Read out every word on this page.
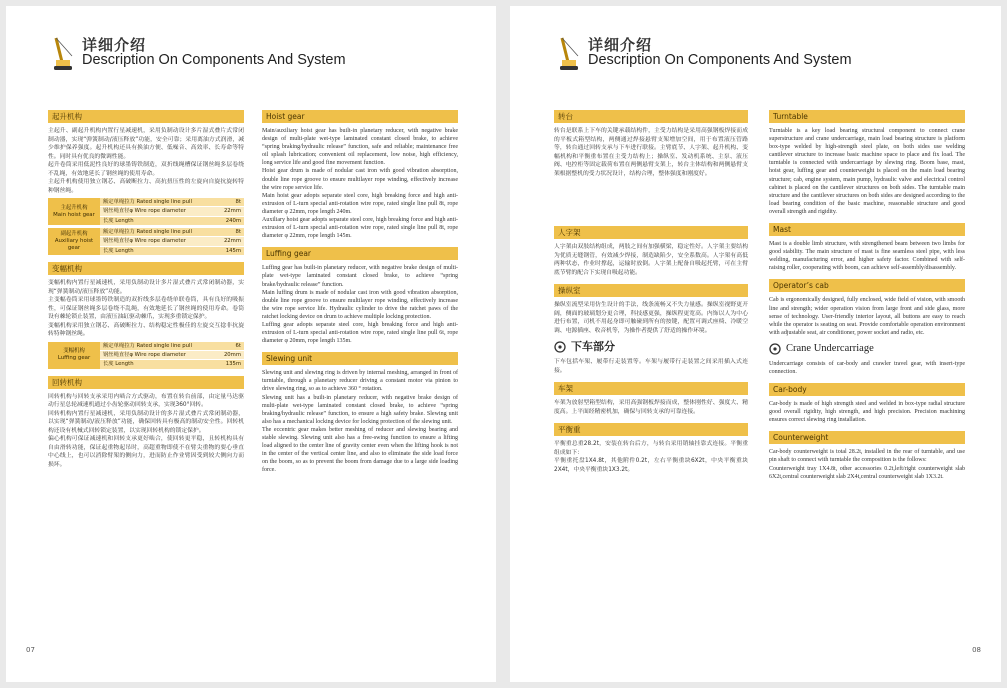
详细介绍
Description On Components And System
起升机构
主起升、副起升机构内置行星减速机，采用负制动设计多片湿式叠片式常闭制动器，实现“弹簧制动/液压释放”功能，安全可靠；采用离油方式润滑，减少维护保养强度。起升机构还具有换油方便、低噪音、高效率、长寿命等特性。同时具有优良的微调性能。
起升卷筒采用低泥性良好的球墨铸铁制造，双折线绳槽保证钢丝绳多层卷绕不乱绳，有效地延长了钢丝绳的使用寿命。
主起升机构使用独立钢芯、高破断拉力、高抗扭压性的左旋向自旋抗旋转特种钢丝绳。
主起升机构
Main hoist gear
额定单绳拉力 Rated single line pull	8t
钢丝绳直径φ Wire rope diameter	22mm
长度 Length	240m
副起升机构
Auxiliary hoist gear
额定单绳拉力 Rated single line pull	8t
钢丝绳直径φ Wire rope diameter	22mm
长度 Length	145m
变幅机构
变幅机构内置行星减速机，采用负制动设计多片湿式叠片式常闭制动器，实现“弹簧制动/液压释放”功能。
主变幅卷筒采用球墨铸铁制造的双折线多层卷绕单联卷筒，具有良好的吸振性，可保证钢丝绳多层卷绕不乱绳，有效地延长了钢丝绳的使用寿命。卷筒设有棘轮锁止装置，由液压油缸驱动棘爪，实现多重锁定保护。
变幅机构采用独立钢芯、高破断拉力、结构稳定性极佳的左旋交互捻非抗旋转特种钢丝绳。
变幅机构
Luffing gear
额定单绳拉力 Rated single line pull	6t
钢丝绳直径φ Wire rope diameter	20mm
长度 Length	135m
回转机构
回转机构与回转支承采用内啮合方式驱动，布置在转台前部，由定量马达驱动行星总轮减速机通过小齿轮驱动回转支承，实现360°回转。
回转机构内置行星减速机，采用负制动设计的多片湿式叠片式常闭制动器，以实现“弹簧制动/液压释放”功能，确保回转具有极高的制动安全性。回转机构还设有机械式回转锁定装置，以实现回转机构的锁定保护。
偏心机构可保证减速机和回转支承更好啮合，使回转更平稳，且转机构具有自由滑转功能，保证起重物起吊时，高超重物即使不在臂尖重物的要心垂直中心线上，也可以消除臂架的侧向力，进而防止作业臂因受到较大侧向力而损坏。
Hoist gear
Main/auxiliary hoist gear has built-in planetary reducer, with negative brake design of multi-plate wet-type laminated constant closed brake, to achieve “spring braking/hydraulic release” function, safe and reliable; maintenance free oil splash lubrication; convenient oil replacement, low noise, high efficiency, long service life and good fine movement function.
Hoist gear drum is made of nodular cast iron with good vibration absorption, double line rope groove to ensure multilayer rope winding, effectively increase the wire rope service life.
Main hoist gear adopts separate steel core, high breaking force and high anti-extrusion of L-turn special anti-rotation wire rope, rated single line pull 8t, rope diameter φ 22mm, rope length 240m.
Auxiliary hoist gear adopts separate steel core, high breaking force and high anti-extrusion of L-turn special anti-rotation wire rope, rated single line pull 8t, rope diameter φ 22mm, rope length 145m.
Luffing gear
Luffing gear has built-in planetary reducer, with negative brake design of multi-plate wet-type laminated constant closed brake, to achieve “spring brake/hydraulic release” function.
Main luffing drum is made of nodular cast iron with good vibration absorption, double line rope groove to ensure multilayer rope winding, effectively increase the wire rope service life. Hydraulic cylinder to drive the ratchet paws of the ratchet locking device on drum to achieve multiple locking protection.
Luffing gear adopts separate steel core, high breaking force and high anti-extrusion of L-turn special anti-rotation wire rope, rated single line pull 6t, rope diameter φ 20mm, rope length 135m.
Slewing unit
Slewing unit and slewing ring is driven by internal meshing, arranged in front of turntable, through a planetary reducer driving a constant motor via pinion to drive slewing ring, so as to achieve 360 ° rotation.
Slewing unit has a built-in planetary reducer, with negative brake design of multi-plate wet-type laminated constant closed brake, to achieve “spring braking/hydraulic release” function, to ensure a high safety brake. Slewing unit also has a mechanical locking device for locking protection of the slewing unit.
The eccentric gear makes better meshing of reducer and slewing bearing and stable slewing. Slewing unit also has a free-swing function to ensure a lifting load aligned to the center line of gravity center even when the lifting hook is not in the center of the vertical center line, and also to eliminate the side load force on the boom, so as to prevent the boom from damage due to a large side loading force.
07
详细介绍
Description On Components And System
转台
转台是联系上下车的关键承载结构件，主受力结构是采用高强钢板焊接而成的平板式箱型结构，两侧通过焊接悬臂支架增加空间，用于布置液压管路等，转台通过回转支承与下车进行联接。主臂底节、人字架、起升机构、变幅机构和平衡重布置在主受力结构上；操纵室、发动机系统、主泵、液压阀、电控柜等固定载荷布置在两侧悬臂支架上，转台主体结构和两侧悬臂支架根据整机的受力状况设计，结构合理，整体强度和刚度好。
人字架
人字架由双肢结构组成，两肢之间有加强横梁，稳定性好。人字架主要结构为优质无缝钢管，有效减少焊接，制造缺陷少，安全系数高。人字架有高低两种状态，作业时撑起，运输时放倒。人字架上配备自吸起托臂，可在主臂底节臂的配合下实现自吸起功能。
操纵室
操纵室流型采用仿生设计的手法，线条流畅又不失力量感。操纵室视野更开阔，侧面的玻璃划分更合理，科技感更强，操纵程更宽高。内饰以人为中心进行布置，司机不用起身即可触碰到所有的按键，配置可调式座椅、冷暖空调、电源插座、收音机等，为操作者提供了舒适的操作环境。
下车部分
下车包括车架、履带行走装置等。车架与履带行走装置之间采用插入式连接。
车架
车架为放射型箱型结构，采用高强钢板焊接而成，整体刚性好、强度大、精度高。上平面经精密机加，确保与回转支承的可靠连接。
平衡重
平衡重总重28.2t，安装在转台后方，与转台采用销轴挂靠式连接。平衡重组成如下：
平衡重托盘1X4.8t，其他附件0.2t，左右平衡重块6X2t，中央平衡重块2X4t，中央平衡重块1X3.2t。
Turntable
Turntable is a key load bearing structural component to connect crane superstructure and crane undercarriage, main load bearing structure is platform box-type welded by high-strength steel plate, on both sides use welding cantilever structure to increase basic machine space to place and fix load. The turntable is connected with undercarriage by slewing ring. Boom base, mast, hoist gear, luffing gear and counterweight is placed on the main load bearing structure; cab, engine system, main pump, hydraulic valve and electrical control cabinet is placed on the cantilever structures on both sides. The turntable main structure and the cantilever structures on both sides are designed according to the load bearing condition of the basic machine, reasonable structure and good overall strength and rigidity.
Mast
Mast is a double limb structure, with strengthened beam between two limbs for good stability. The main structure of mast is fine seamless steel pipe, with less welding, manufacturing error, and higher safety factor. Combined with self-raising roller, cooperating with boom, can achieve self-assembly/disassembly.
Operator’s cab
Cab is ergonomically designed, fully enclosed, wide field of vision, with smooth line and strength; wider operation vision from large front and side glass, more sense of technology. User-friendly interior layout, all buttons are easy to reach while the operator is seating on seat. Provide comfortable operation environment with adjustable seat, air conditioner, power socket and radio, etc.
Crane Undercarriage
Undercarriage consists of car-body and crawler travel gear, with insert-type connection.
Car-body
Car-body is made of high strength steel and welded in box-type radial structure good overall rigidity, high strength, and high precision. Precision machining ensures correct slewing ring installation.
Counterweight
Car-body counterweight is total 28.2t, installed in the rear of turntable, and use pin shaft to connect with turntable the composition is the follows:
Counterweight tray 1X4.8t, other accessories 0.2t,left/right counterweight slab 6X2t,central counterweight slab 2X4t,central counterweight slab 1X3.2t.
08
